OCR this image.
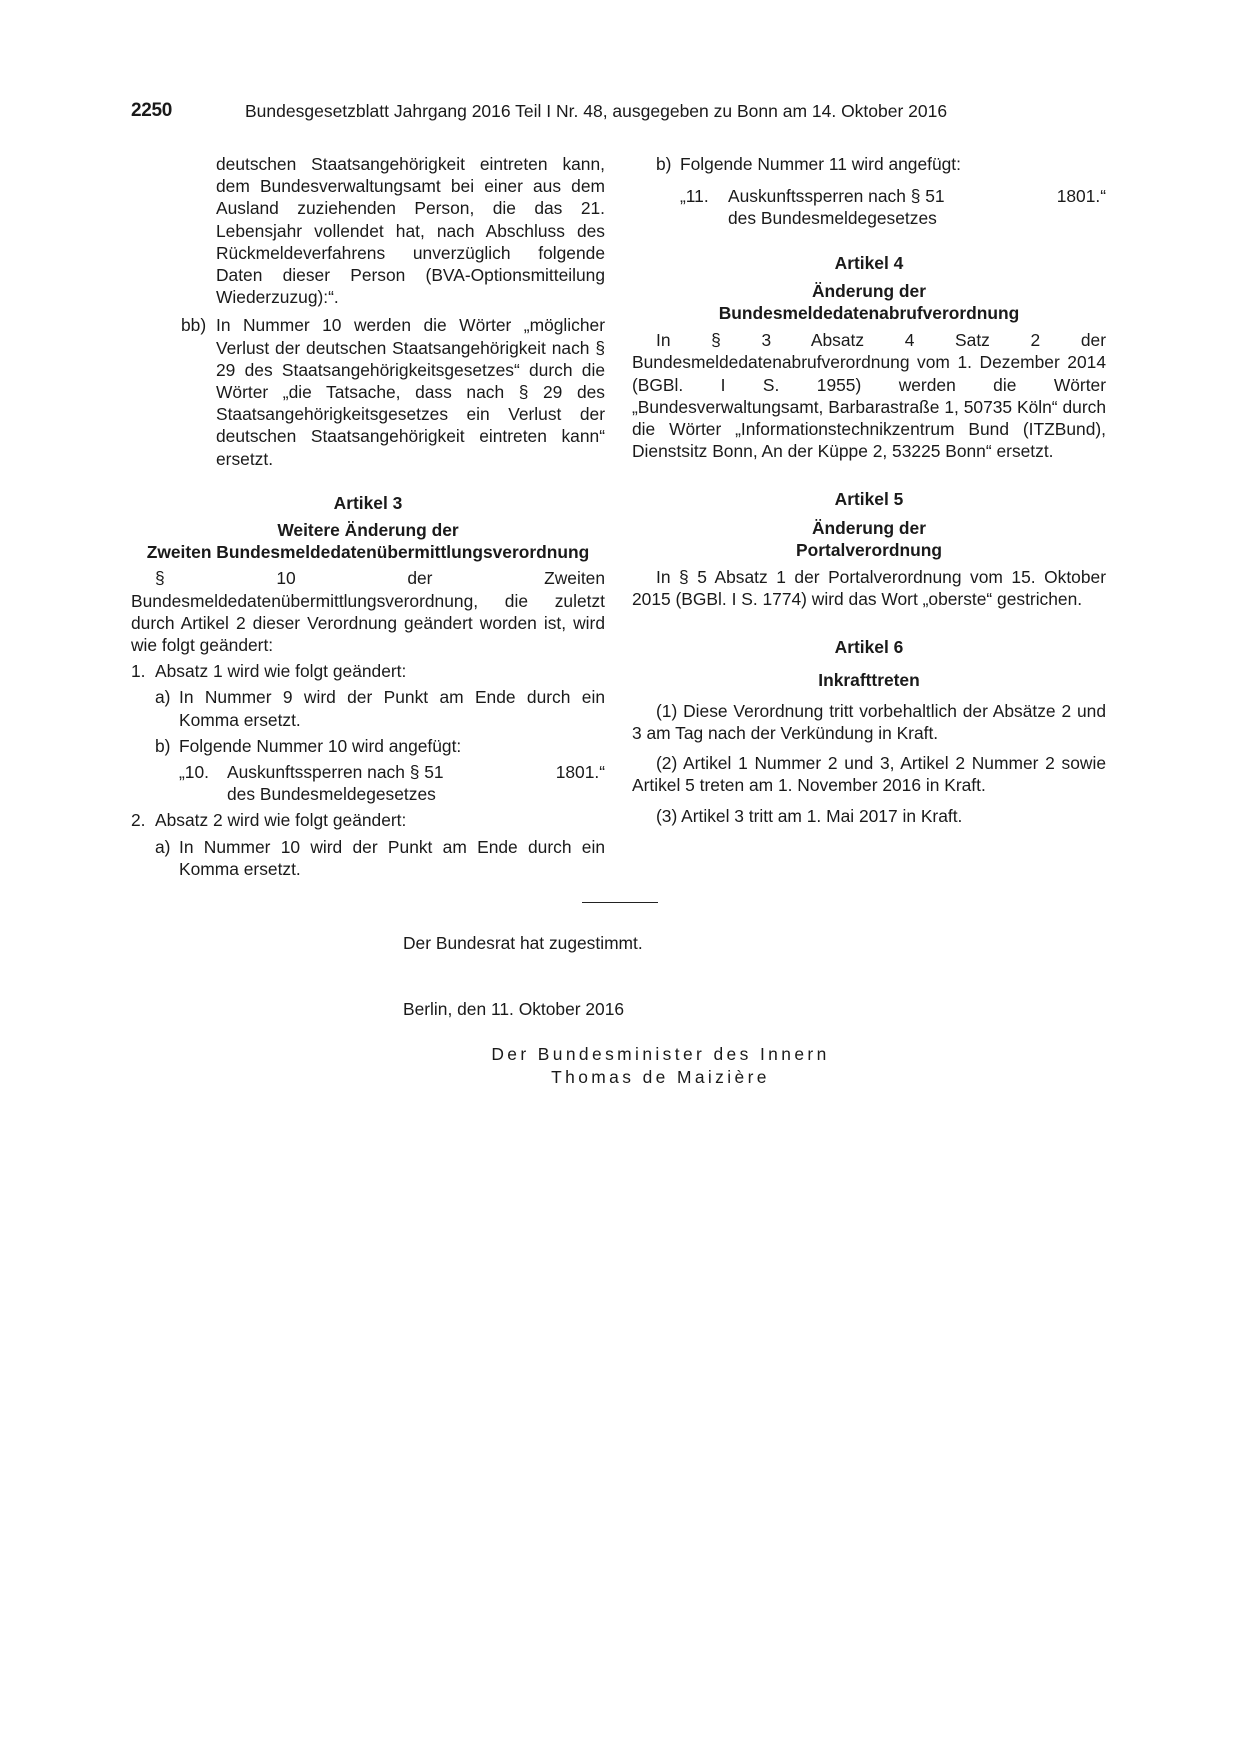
2250	Bundesgesetzblatt Jahrgang 2016 Teil I Nr. 48, ausgegeben zu Bonn am 14. Oktober 2016
deutschen Staatsangehörigkeit eintreten kann, dem Bundesverwaltungsamt bei einer aus dem Ausland zuziehenden Person, die das 21. Lebensjahr vollendet hat, nach Abschluss des Rückmeldeverfahrens unverzüglich folgende Daten dieser Person (BVA-Optionsmitteilung Wiederzuzug):“.
bb) In Nummer 10 werden die Wörter „möglicher Verlust der deutschen Staatsangehörigkeit nach § 29 des Staatsangehörigkeitsgesetzes“ durch die Wörter „die Tatsache, dass nach § 29 des Staatsangehörigkeitsgesetzes ein Verlust der deutschen Staatsangehörigkeit eintreten kann“ ersetzt.
Artikel 3
Weitere Änderung der
Zweiten Bundesmeldedatenübermittlungsverordnung
§ 10 der Zweiten Bundesmeldedatenübermittlungsverordnung, die zuletzt durch Artikel 2 dieser Verordnung geändert worden ist, wird wie folgt geändert:
1. Absatz 1 wird wie folgt geändert:
a) In Nummer 9 wird der Punkt am Ende durch ein Komma ersetzt.
b) Folgende Nummer 10 wird angefügt:
„10.	Auskunftssperren nach § 51
des Bundesmeldegesetzes
1801.“
2. Absatz 2 wird wie folgt geändert:
a) In Nummer 10 wird der Punkt am Ende durch ein Komma ersetzt.
b) Folgende Nummer 11 wird angefügt:
„11.	Auskunftssperren nach § 51
des Bundesmeldegesetzes
1801.“
Artikel 4
Änderung der
Bundesmeldedatenabrufverordnung
In § 3 Absatz 4 Satz 2 der Bundesmeldedatenabrufverordnung vom 1. Dezember 2014 (BGBl. I S. 1955) werden die Wörter „Bundesverwaltungsamt, Barbarastraße 1, 50735 Köln“ durch die Wörter „Informationstechnikzentrum Bund (ITZBund), Dienstsitz Bonn, An der Küppe 2, 53225 Bonn“ ersetzt.
Artikel 5
Änderung der
Portalverordnung
In § 5 Absatz 1 der Portalverordnung vom 15. Oktober 2015 (BGBl. I S. 1774) wird das Wort „oberste“ gestrichen.
Artikel 6
Inkrafttreten
(1) Diese Verordnung tritt vorbehaltlich der Absätze 2 und 3 am Tag nach der Verkündung in Kraft.
(2) Artikel 1 Nummer 2 und 3, Artikel 2 Nummer 2 sowie Artikel 5 treten am 1. November 2016 in Kraft.
(3) Artikel 3 tritt am 1. Mai 2017 in Kraft.
Der Bundesrat hat zugestimmt.
Berlin, den 11. Oktober 2016
Der Bundesminister des Innern
Thomas de Maizière
